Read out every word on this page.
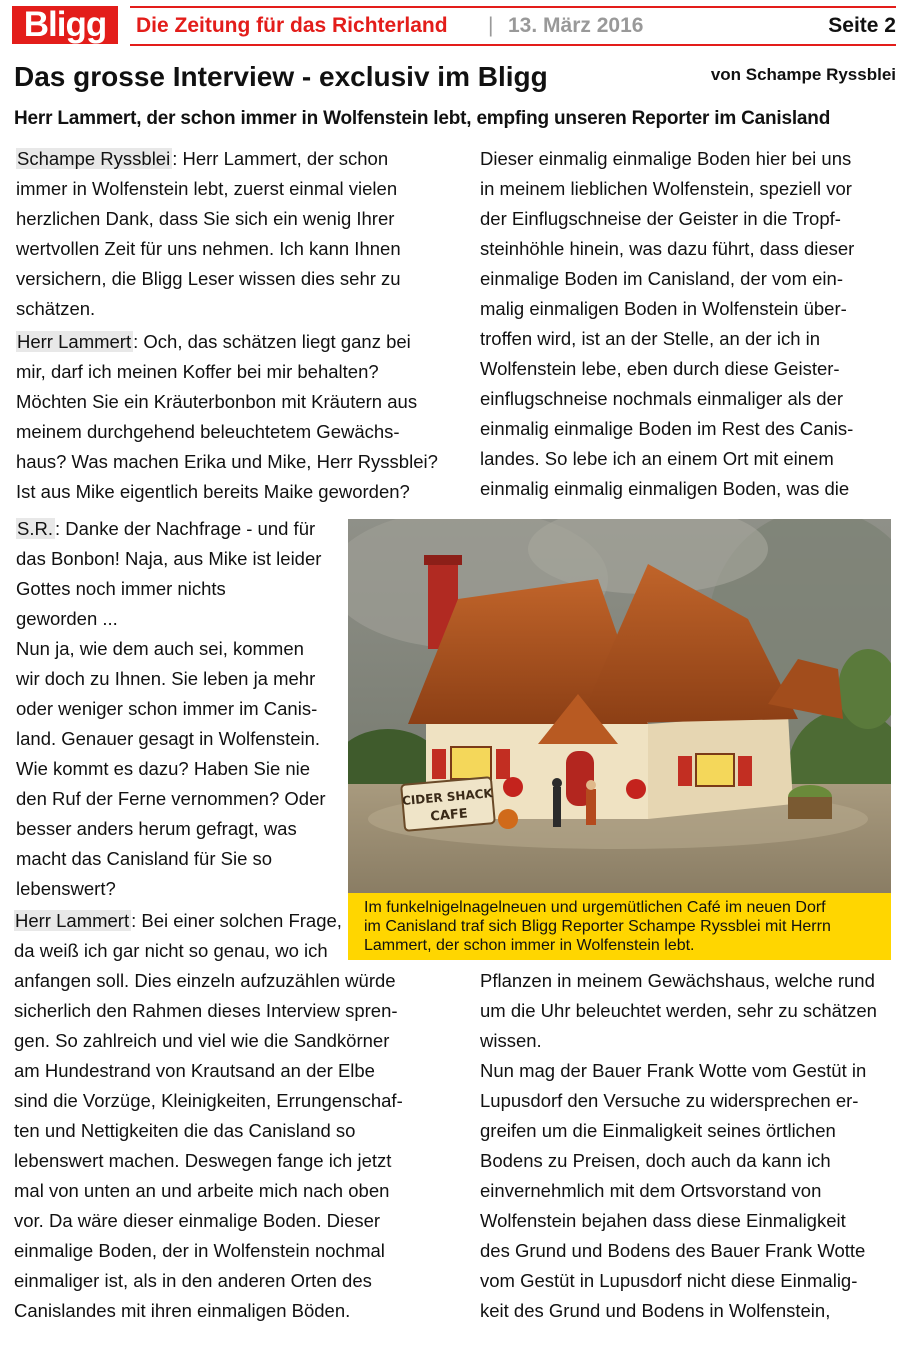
Bligg	Die Zeitung für das Richterland | 13. März 2016	Seite 2
Das grosse Interview - exclusiv im Bligg	von Schampe Ryssblei
Herr Lammert, der schon immer in Wolfenstein lebt, empfing unseren Reporter im Canisland

Schampe Ryssblei : Herr Lammert, der schon
immer in Wolfenstein lebt, zuerst einmal vielen
herzlichen Dank, dass Sie sich ein wenig Ihrer
wertvollen Zeit für uns nehmen. Ich kann Ihnen
versichern, die Bligg Leser wissen dies sehr zu
schätzen.

Herr Lammert : Och, das schätzen liegt ganz bei
mir, darf ich meinen Koffer bei mir behalten?
Möchten Sie ein Kräuterbonbon mit Kräutern aus
meinem durchgehend beleuchtetem Gewächs-
haus? Was machen Erika und Mike, Herr Ryssblei?
Ist aus Mike eigentlich bereits Maike geworden?

Dieser einmalig einmalige Boden hier bei uns
in meinem lieblichen Wolfenstein, speziell vor
der Einflugschneise der Geister in die Tropf-
steinhöhle hinein, was dazu führt, dass dieser
einmalige Boden im Canisland, der vom ein-
malig einmaligen Boden in Wolfenstein über-
troffen wird, ist an der Stelle, an der ich in
Wolfenstein lebe, eben durch diese Geister-
einflugschneise nochmals einmaliger als der
einmalig einmalige Boden im Rest des Canis-
landes. So lebe ich an einem Ort mit einem
einmalig einmalig einmaligen Boden, was die

S.R. : Danke der Nachfrage - und für
das Bonbon! Naja, aus Mike ist leider
Gottes noch immer nichts
geworden ...
Nun ja, wie dem auch sei, kommen
wir doch zu Ihnen. Sie leben ja mehr
oder weniger schon immer im Canis-
land. Genauer gesagt in Wolfenstein.
Wie kommt es dazu? Haben Sie nie
den Ruf der Ferne vernommen? Oder
besser anders herum gefragt, was
macht das Canisland für Sie so
lebenswert?

CIDER SHACK
CAFE
Im funkelnigelnagelneuen und urgemütlichen Café im neuen Dorf
im Canisland traf sich Bligg Reporter Schampe Ryssblei mit Herrn
Lammert, der schon immer in Wolfenstein lebt.

Herr Lammert : Bei einer solchen Frage,
da weiß ich gar nicht so genau, wo ich
anfangen soll. Dies einzeln aufzuzählen würde
sicherlich den Rahmen dieses Interview spren-
gen. So zahlreich und viel wie die Sandkörner
am Hundestrand von Krautsand an der Elbe
sind die Vorzüge, Kleinigkeiten, Errungenschaf-
ten und Nettigkeiten die das Canisland so
lebenswert machen. Deswegen fange ich jetzt
mal von unten an und arbeite mich nach oben
vor. Da wäre dieser einmalige Boden. Dieser
einmalige Boden, der in Wolfenstein nochmal
einmaliger ist, als in den anderen Orten des
Canislandes mit ihren einmaligen Böden.

Pflanzen in meinem Gewächshaus, welche rund
um die Uhr beleuchtet werden, sehr zu schätzen
wissen.
Nun mag der Bauer Frank Wotte vom Gestüt in
Lupusdorf den Versuche zu widersprechen er-
greifen um die Einmaligkeit seines örtlichen
Bodens zu Preisen, doch auch da kann ich
einvernehmlich mit dem Ortsvorstand von
Wolfenstein bejahen dass diese Einmaligkeit
des Grund und Bodens des Bauer Frank Wotte
vom Gestüt in Lupusdorf nicht diese Einmalig-
keit des Grund und Bodens in Wolfenstein,
